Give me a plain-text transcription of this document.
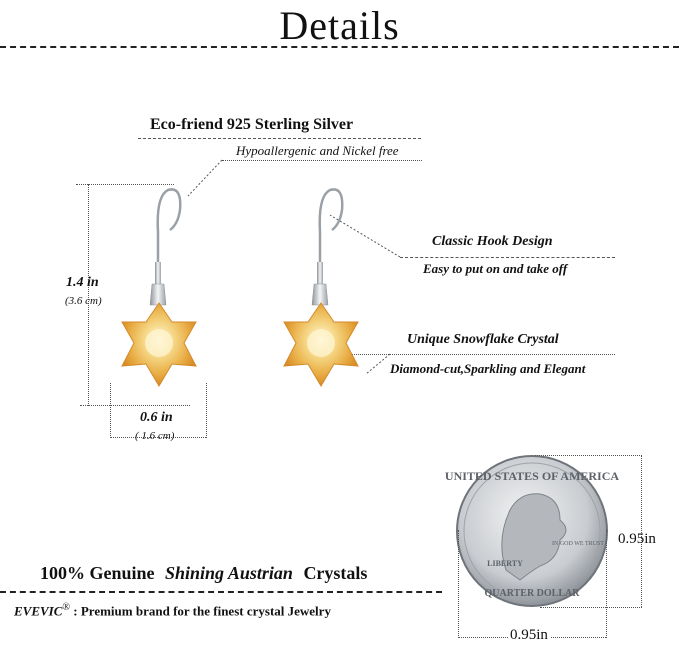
Details
Eco-friend 925 Sterling Silver
Hypoallergenic and Nickel free
Classic Hook Design
Easy to put on and take off
Unique Snowflake Crystal
Diamond-cut,Sparkling and Elegant
1.4 in
(3.6 cm)
0.6 in
( 1.6 cm)
UNITED STATES OF AMERICA
QUARTER DOLLAR
LIBERTY
IN GOD WE TRUST 0.95in
0.95in
100% Genuine Shining Austrian Crystals
EVEVIC® : Premium brand for the finest crystal Jewelry
